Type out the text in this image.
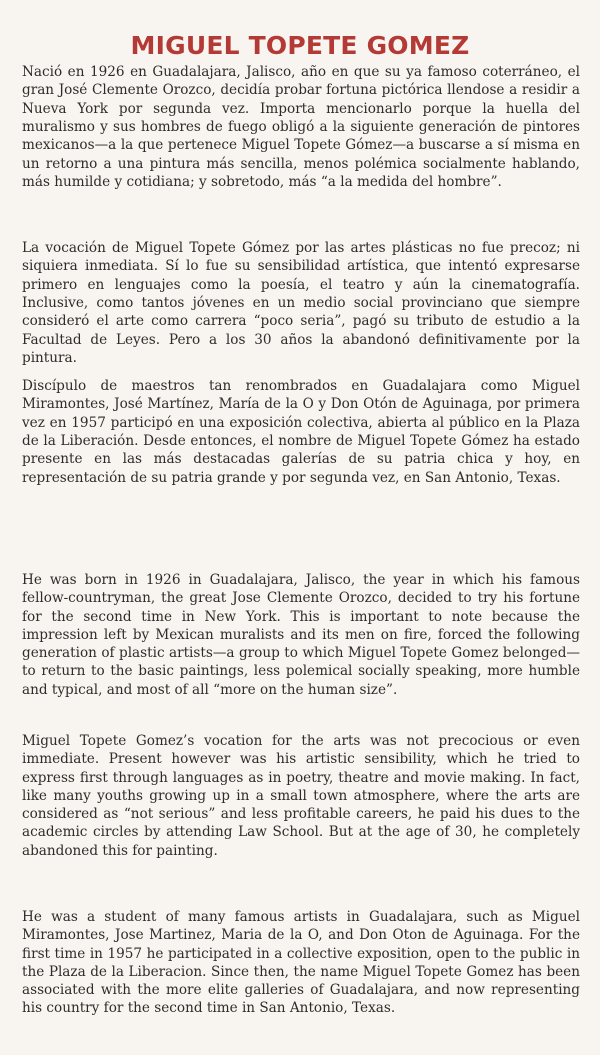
MIGUEL TOPETE GOMEZ

Nació en 1926 en Guadalajara, Jalisco, año en que su ya famoso coterráneo, el gran José Clemente Orozco, decidía probar fortuna pictórica llendose a residir a Nueva York por segunda vez. Importa mencionarlo porque la huella del muralismo y sus hombres de fuego obligó a la siguiente generación de pintores mexicanos—a la que pertenece Miguel Topete Gómez—a buscarse a sí misma en un retorno a una pintura más sencilla, menos polémica socialmente hablando, más humilde y cotidiana; y sobretodo, más “a la medida del hombre”.

La vocación de Miguel Topete Gómez por las artes plásticas no fue precoz; ni siquiera inmediata. Sí lo fue su sensibilidad artística, que intentó expresarse primero en lenguajes como la poesía, el teatro y aún la cinematografía. Inclusive, como tantos jóvenes en un medio social provinciano que siempre consideró el arte como carrera “poco seria”, pagó su tributo de estudio a la Facultad de Leyes. Pero a los 30 años la abandonó definitivamente por la pintura.

Discípulo de maestros tan renombrados en Guadalajara como Miguel Miramontes, José Martínez, María de la O y Don Otón de Aguinaga, por primera vez en 1957 participó en una exposición colectiva, abierta al público en la Plaza de la Liberación. Desde entonces, el nombre de Miguel Topete Gómez ha estado presente en las más destacadas galerías de su patria chica y hoy, en representación de su patria grande y por segunda vez, en San Antonio, Texas.

He was born in 1926 in Guadalajara, Jalisco, the year in which his famous fellow-countryman, the great Jose Clemente Orozco, decided to try his fortune for the second time in New York. This is important to note because the impression left by Mexican muralists and its men on fire, forced the following generation of plastic artists—a group to which Miguel Topete Gomez belonged—to return to the basic paintings, less polemical socially speaking, more humble and typical, and most of all “more on the human size”.

Miguel Topete Gomez’s vocation for the arts was not precocious or even immediate. Present however was his artistic sensibility, which he tried to express first through languages as in poetry, theatre and movie making. In fact, like many youths growing up in a small town atmosphere, where the arts are considered as “not serious” and less profitable careers, he paid his dues to the academic circles by attending Law School. But at the age of 30, he completely abandoned this for painting.

He was a student of many famous artists in Guadalajara, such as Miguel Miramontes, Jose Martinez, Maria de la O, and Don Oton de Aguinaga. For the first time in 1957 he participated in a collective exposition, open to the public in the Plaza de la Liberacion. Since then, the name Miguel Topete Gomez has been associated with the more elite galleries of Guadalajara, and now representing his country for the second time in San Antonio, Texas.
